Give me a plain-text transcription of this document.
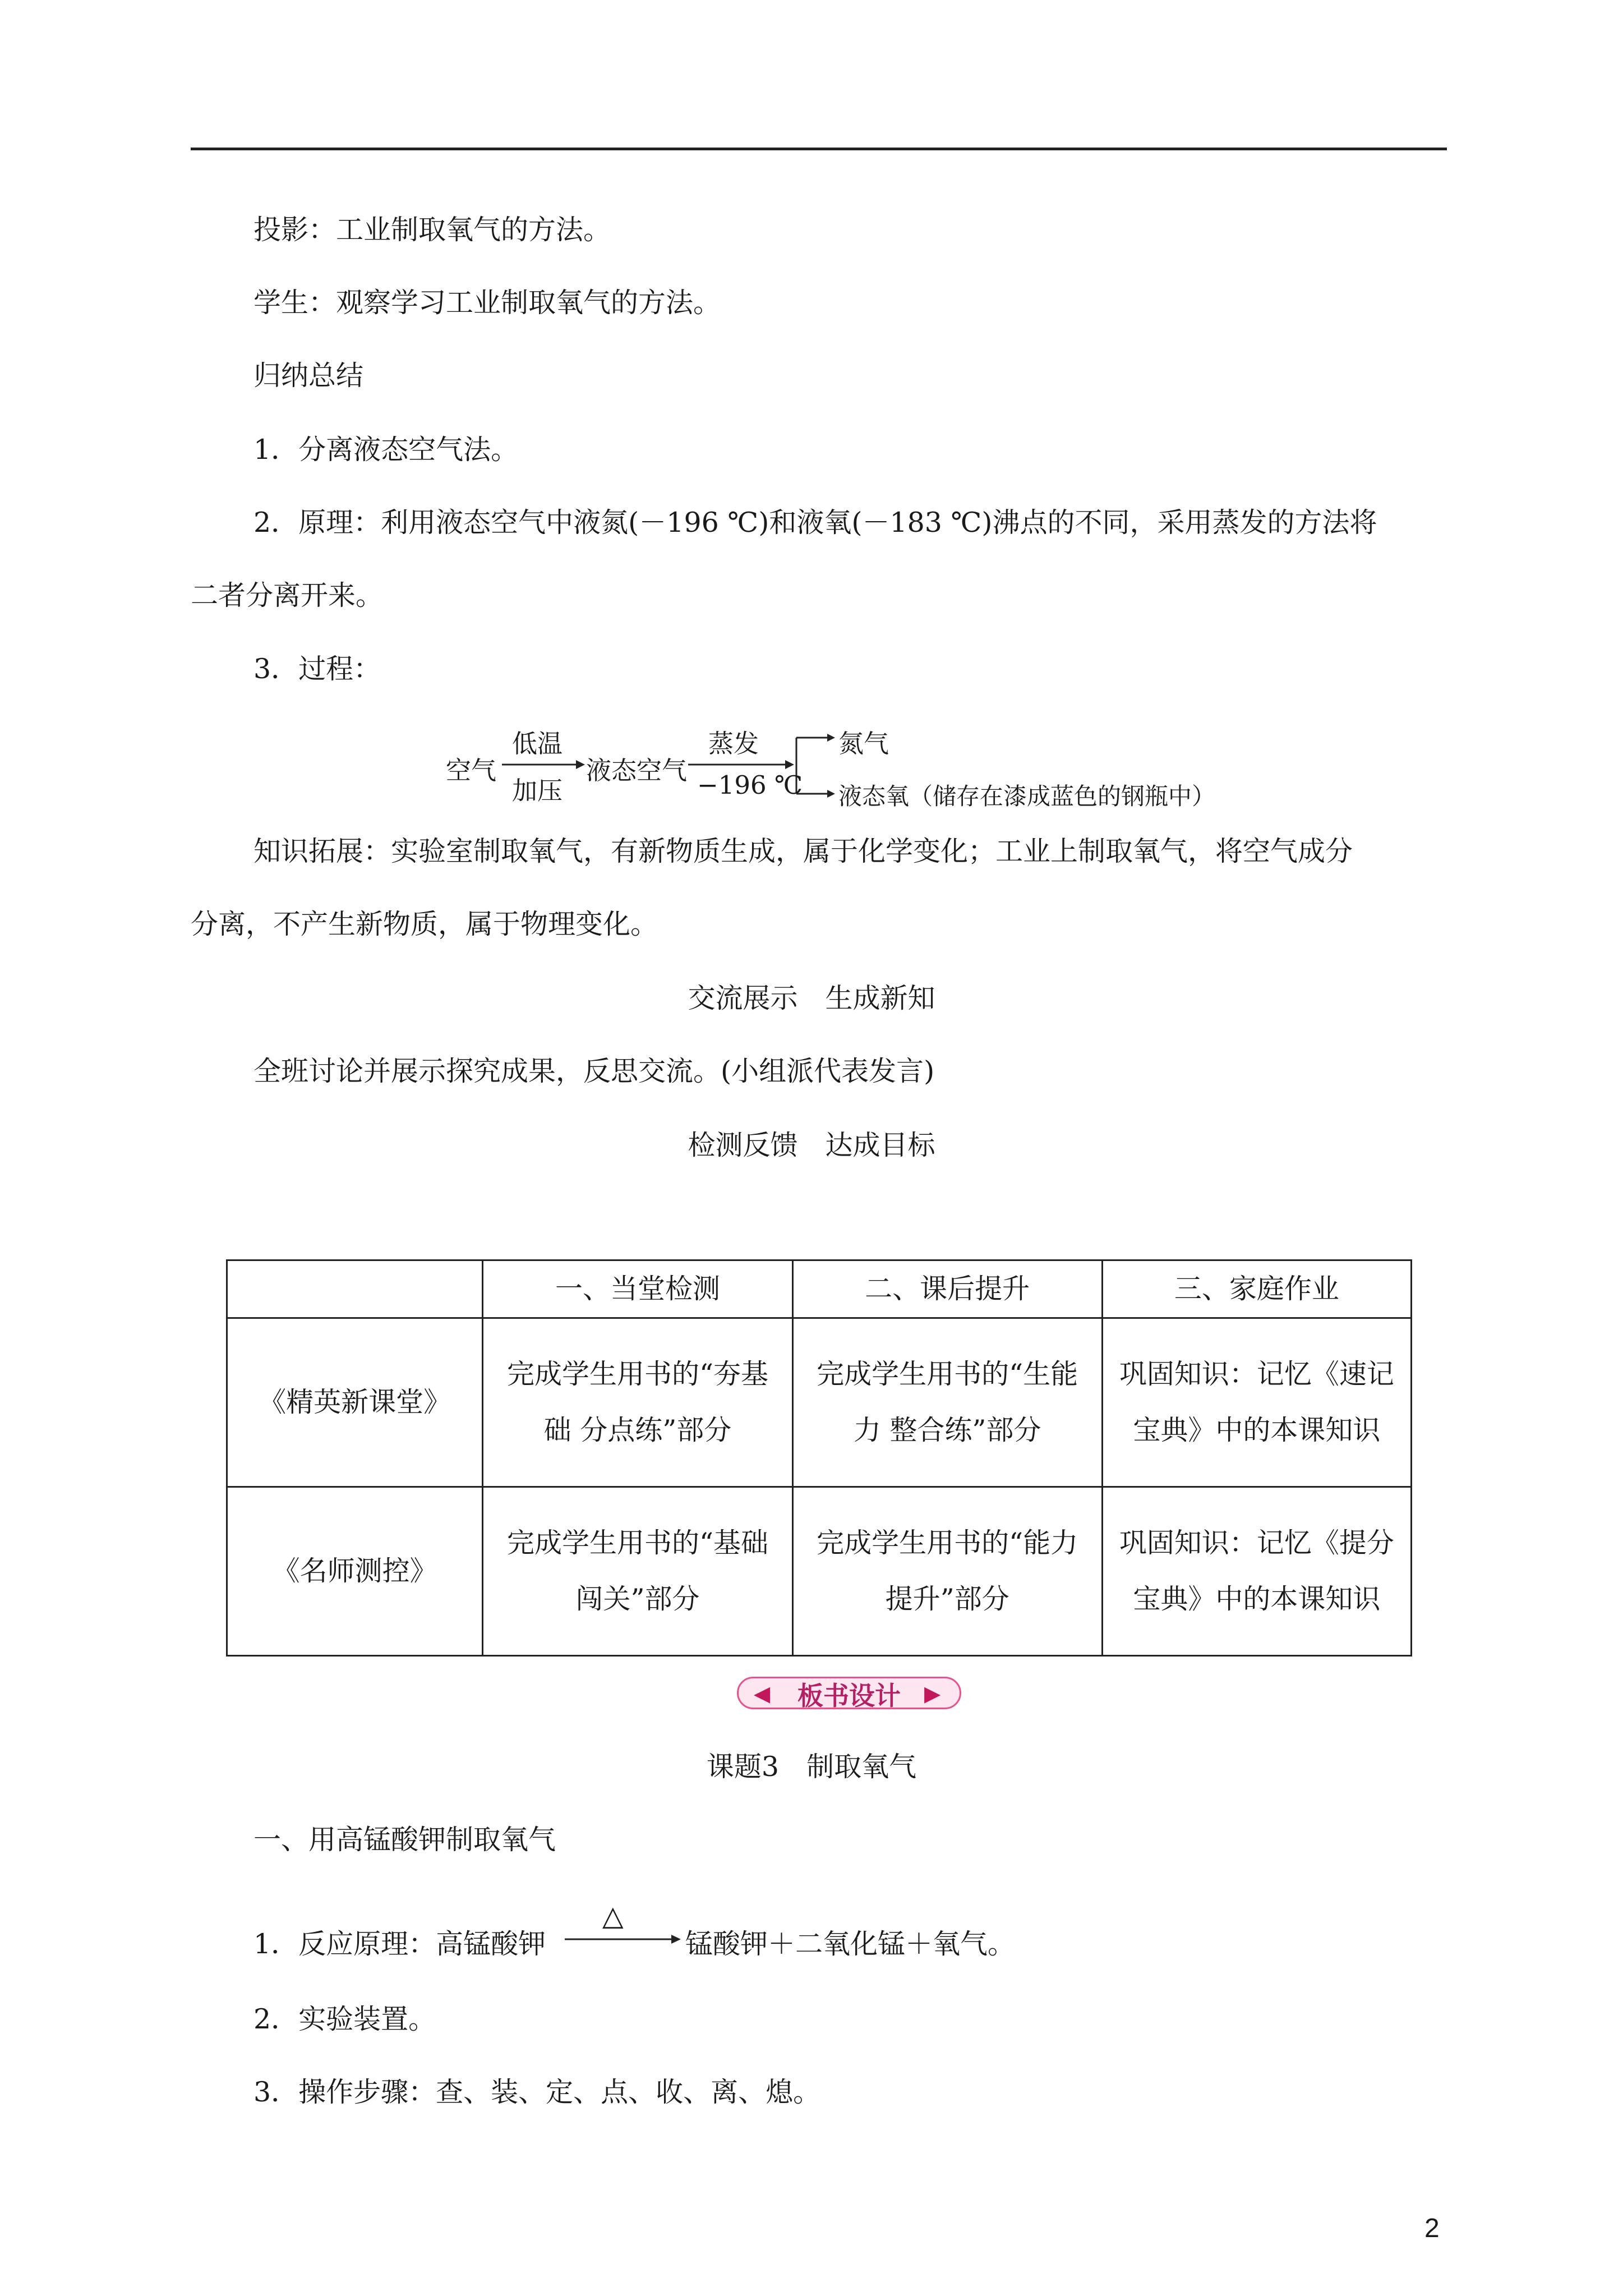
投影：工业制取氧气的方法。
学生：观察学习工业制取氧气的方法。
归纳总结
1．分离液态空气法。
2．原理：利用液态空气中液氮(－196 ℃)和液氧(－183 ℃)沸点的不同，采用蒸发的方法将
二者分离开来。
3．过程：
空气
低温
加压
液态空气
蒸发
−196 ℃
氮气
液态氧（储存在漆成蓝色的钢瓶中）
知识拓展：实验室制取氧气，有新物质生成，属于化学变化；工业上制取氧气，将空气成分
分离，不产生新物质，属于物理变化。
交流展示　生成新知
全班讨论并展示探究成果，反思交流。(小组派代表发言)
检测反馈　达成目标
	一、当堂检测	二、课后提升	三、家庭作业
《精英新课堂》	完成学生用书的“夯基础 分点练”部分	完成学生用书的“生能力 整合练”部分	巩固知识：记忆《速记宝典》中的本课知识
《名师测控》	完成学生用书的“基础闯关”部分	完成学生用书的“能力提升”部分	巩固知识：记忆《提分宝典》中的本课知识
◀	板书设计	▶
课题3　制取氧气
一、用高锰酸钾制取氧气
1．反应原理：高锰酸钾
△
锰酸钾＋二氧化锰＋氧气。
2．实验装置。
3．操作步骤：查、装、定、点、收、离、熄。
2
